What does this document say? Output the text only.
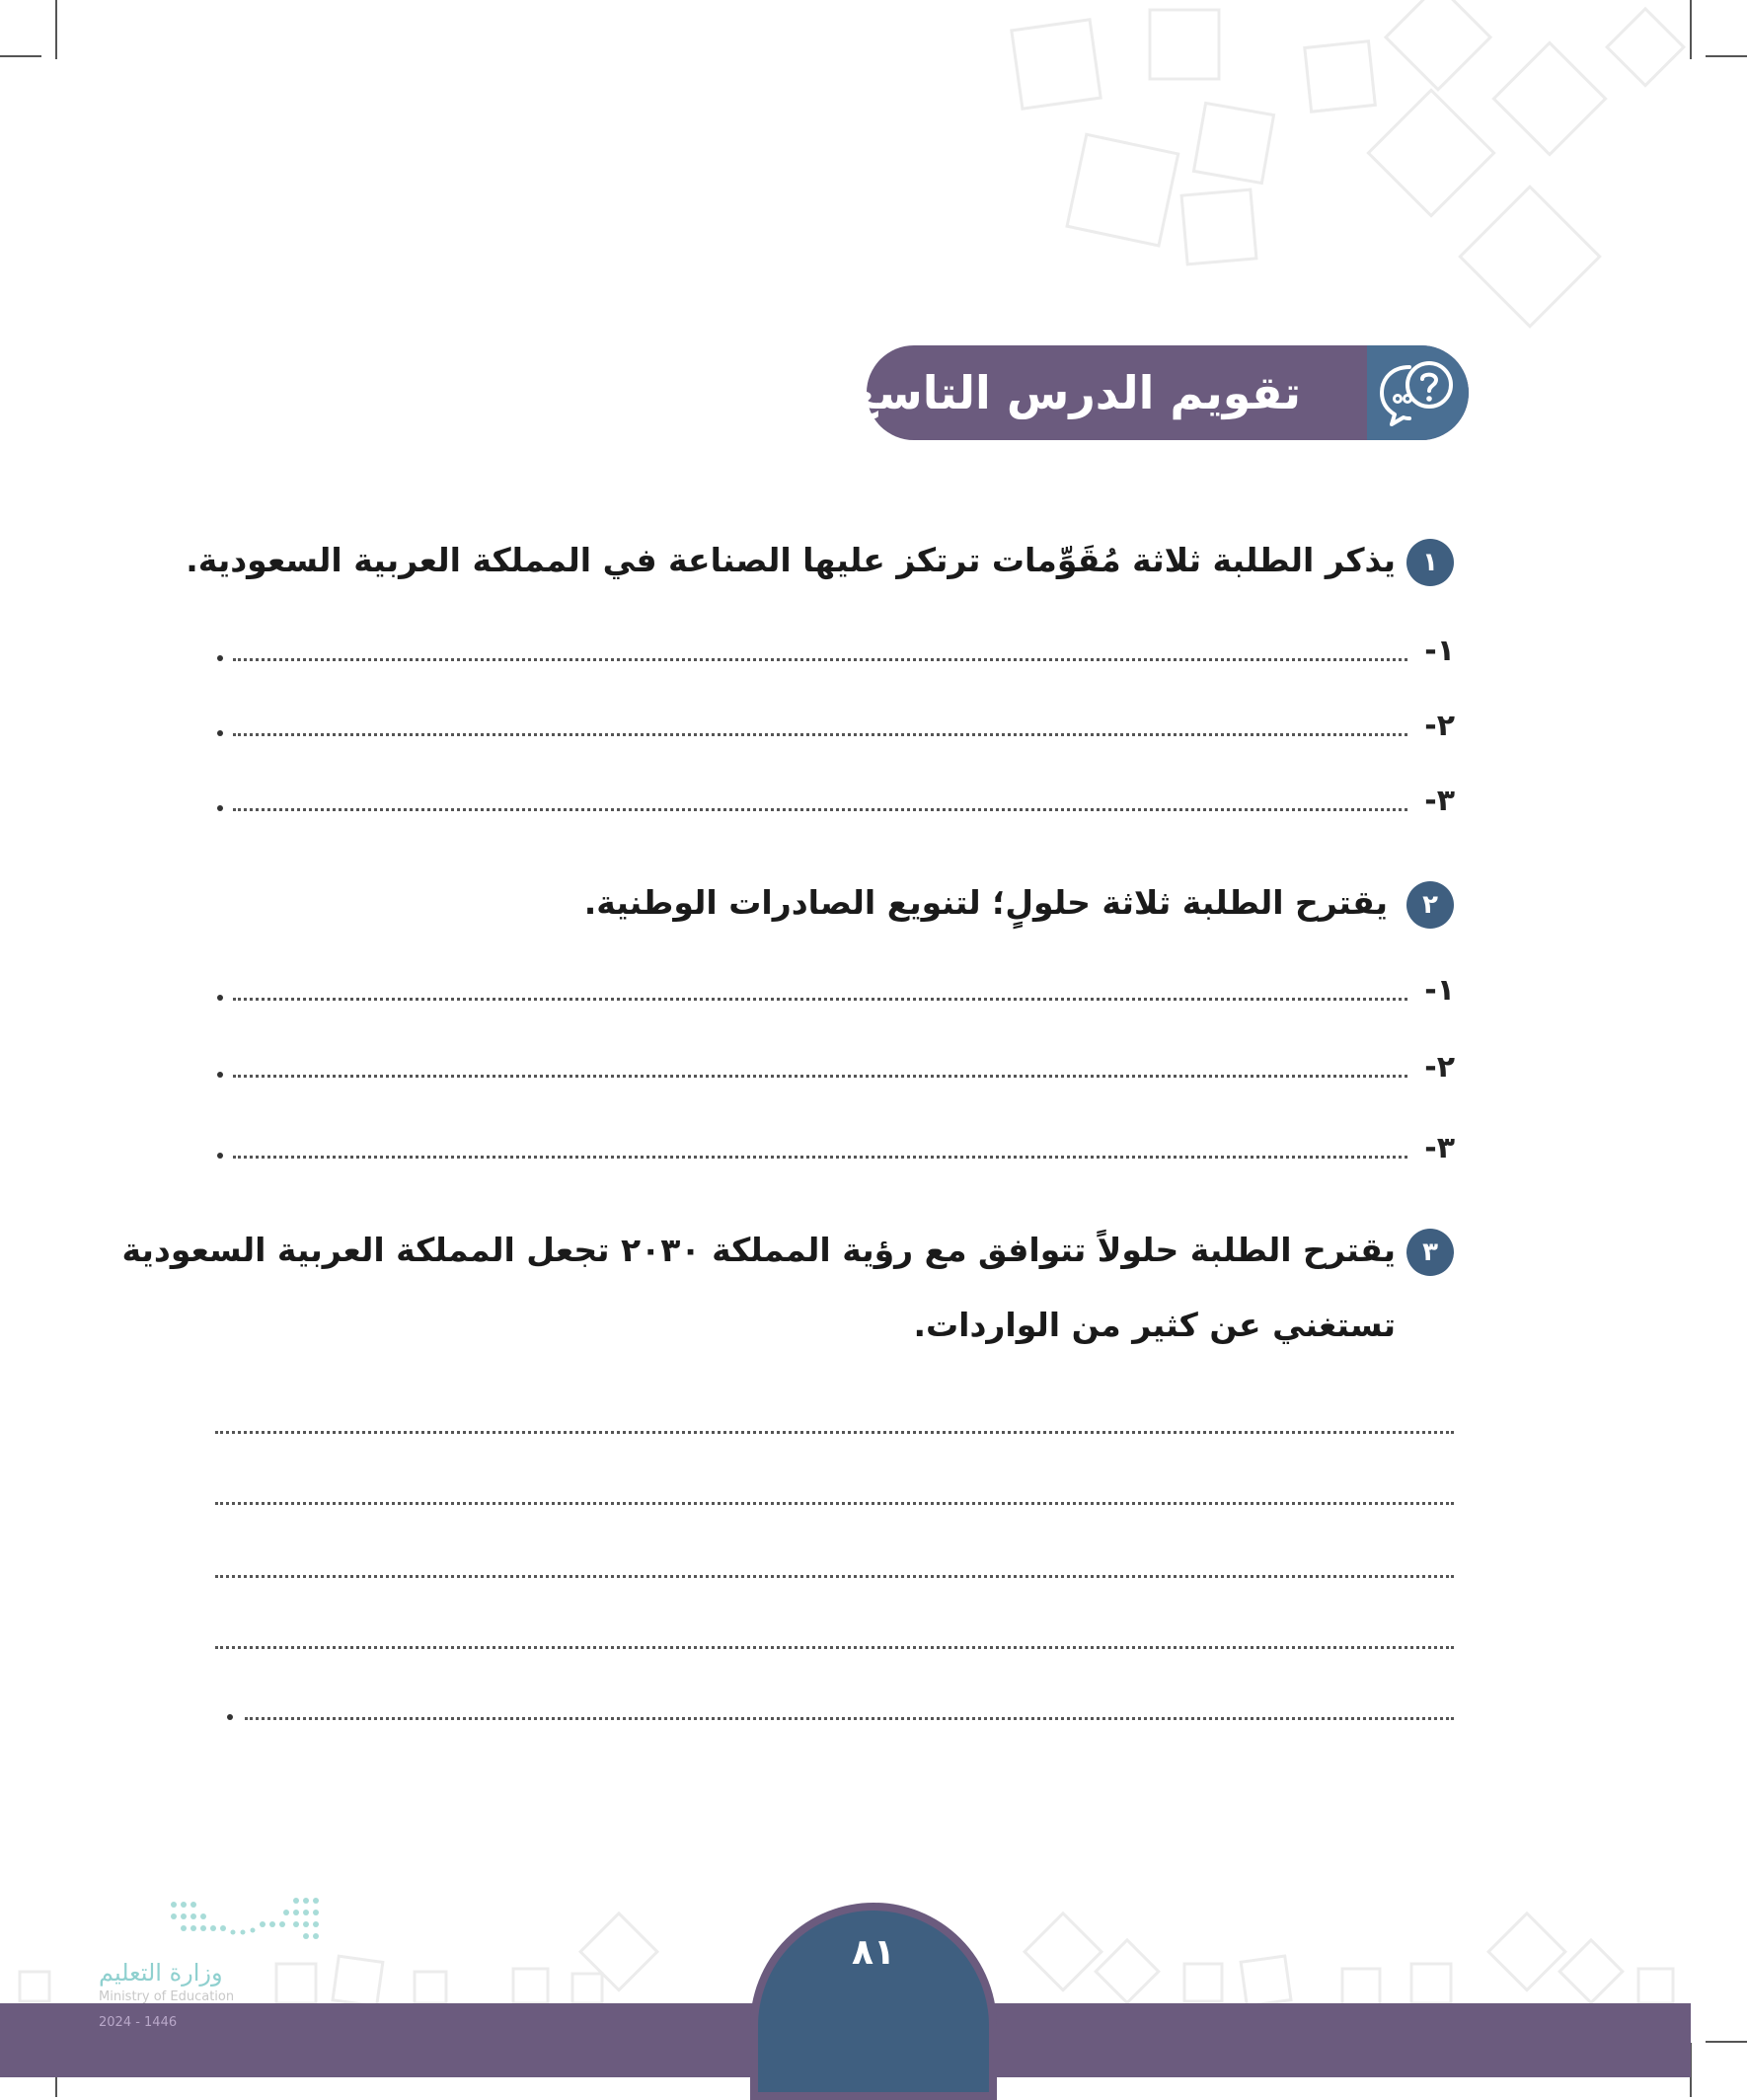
تقويم الدرس التاسع
١
يذكر الطلبة ثلاثة مُقَوِّمات ترتكز عليها الصناعة في المملكة العربية السعودية.
١-
٢-
٣-
٢
يقترح الطلبة ثلاثة حلولٍ؛ لتنويع الصادرات الوطنية.
١-
٢-
٣-
٣
يقترح الطلبة حلولاً تتوافق مع رؤية المملكة ٢٠٣٠ تجعل المملكة العربية السعودية
تستغني عن كثير من الواردات.
٨١
وزارة التعليم
Ministry of Education
2024 - 1446
